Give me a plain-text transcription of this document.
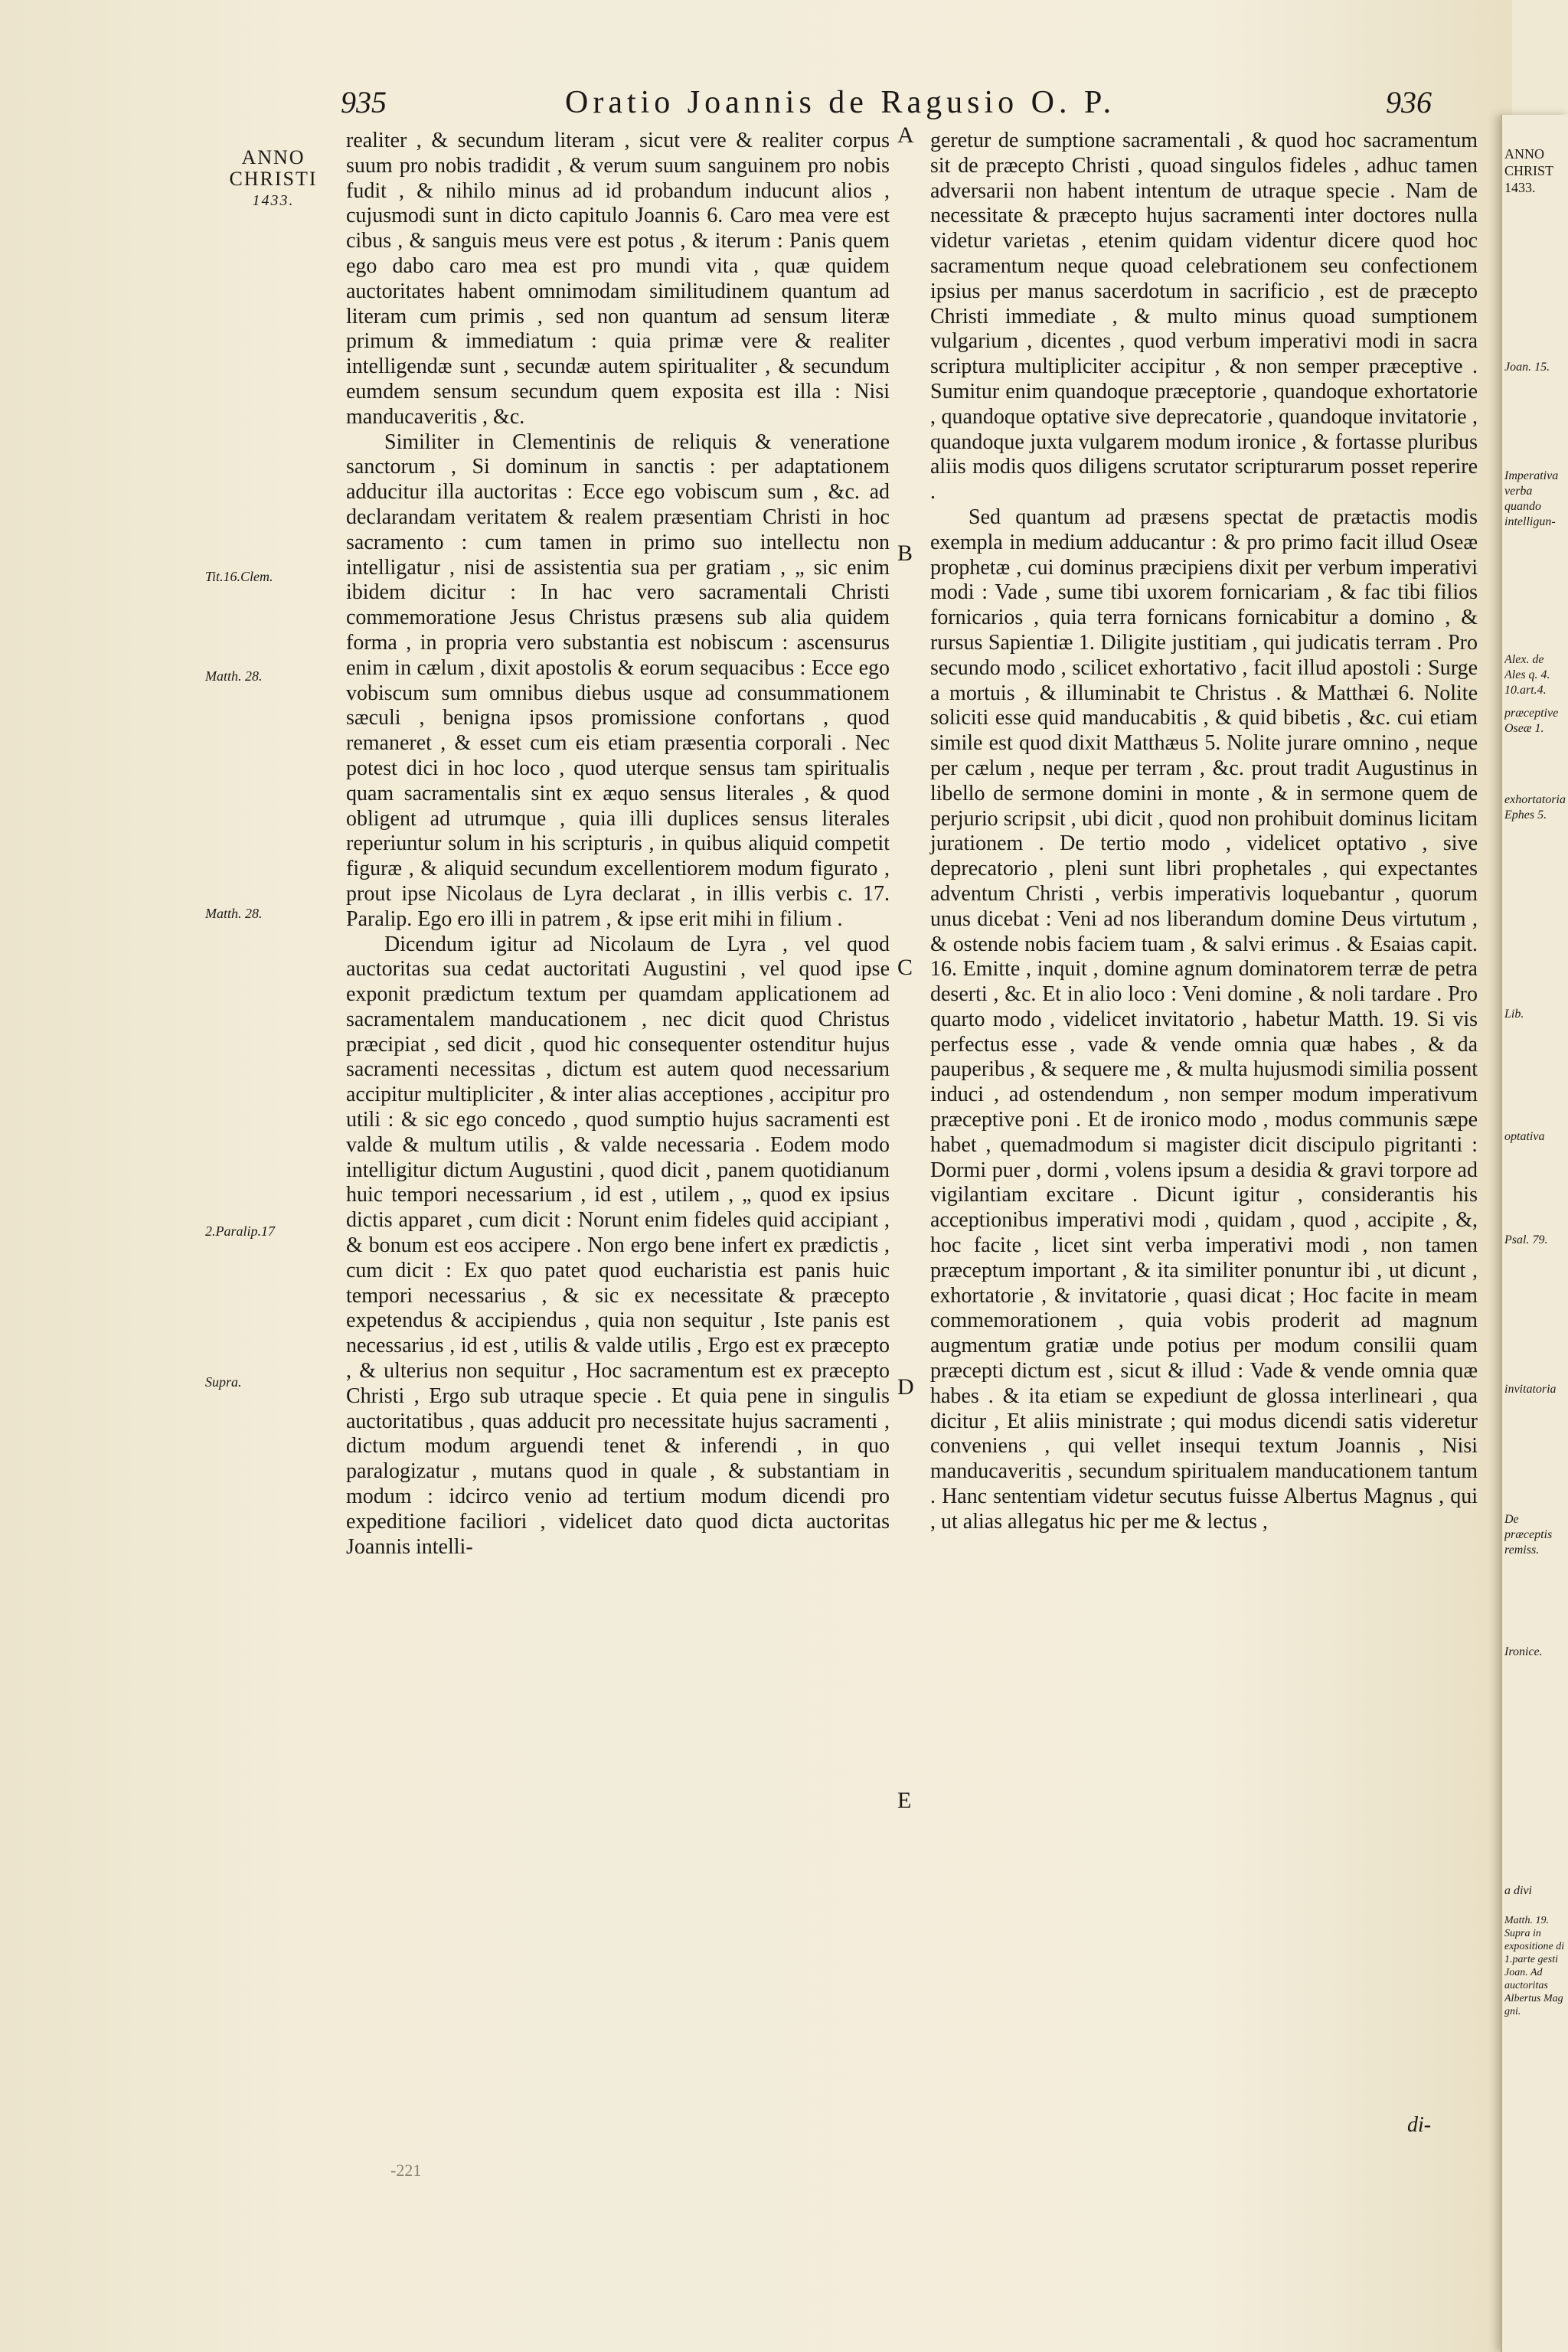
935	Oratio Joannis de Ragusio O. P.	936
ANNO
CHRISTI
1433.
Tit.16.Clem.
Matth. 28.
Matth. 28.
2.Paralip.17
Supra.

realiter , & secundum literam , sicut vere & realiter corpus suum pro nobis tradidit , & verum suum sanguinem pro nobis fudit , & nihilo minus ad id probandum inducunt alios , cujusmodi sunt in dicto capitulo Joannis 6. Caro mea vere est cibus , & sanguis meus vere est potus , & iterum : Panis quem ego dabo caro mea est pro mundi vita , quæ quidem auctoritates habent omnimodam similitudinem quantum ad literam cum primis , sed non quantum ad sensum literæ primum & immediatum : quia primæ vere & realiter intelligendæ sunt , secundæ autem spiritualiter , & secundum eumdem sensum secundum quem exposita est illa : Nisi manducaveritis , &c.

Similiter in Clementinis de reliquis & veneratione sanctorum , Si dominum in sanctis : per adaptationem adducitur illa auctoritas : Ecce ego vobiscum sum , &c. ad declarandam veritatem & realem præsentiam Christi in hoc sacramento : cum tamen in primo suo intellectu non intelligatur , nisi de assistentia sua per gratiam , „ sic enim ibidem dicitur : In hac vero sacramentali Christi commemoratione Jesus Christus præsens sub alia quidem forma , in propria vero substantia est nobiscum : ascensurus enim in cælum , dixit apostolis & eorum sequacibus : Ecce ego vobiscum sum omnibus diebus usque ad consummationem sæculi , benigna ipsos promissione confortans , quod remaneret , & esset cum eis etiam præsentia corporali . Nec potest dici in hoc loco , quod uterque sensus tam spiritualis quam sacramentalis sint ex æquo sensus literales , & quod obligent ad utrumque , quia illi duplices sensus literales reperiuntur solum in his scripturis , in quibus aliquid competit figuræ , & aliquid secundum excellentiorem modum figurato , prout ipse Nicolaus de Lyra declarat , in illis verbis c. 17. Paralip. Ego ero illi in patrem , & ipse erit mihi in filium .

Dicendum igitur ad Nicolaum de Lyra , vel quod auctoritas sua cedat auctoritati Augustini , vel quod ipse exponit prædictum textum per quamdam applicationem ad sacramentalem manducationem , nec dicit quod Christus præcipiat , sed dicit , quod hic consequenter ostenditur hujus sacramenti necessitas , dictum est autem quod necessarium accipitur multipliciter , & inter alias acceptiones , accipitur pro utili : & sic ego concedo , quod sumptio hujus sacramenti est valde & multum utilis , & valde necessaria . Eodem modo intelligitur dictum Augustini , quod dicit , panem quotidianum huic tempori necessarium , id est , utilem , „ quod ex ipsius dictis apparet , cum dicit : Norunt enim fideles quid accipiant , & bonum est eos accipere . Non ergo bene infert ex prædictis , cum dicit : Ex quo patet quod eucharistia est panis huic tempori necessarius , & sic ex necessitate & præcepto expetendus & accipiendus , quia non sequitur , Iste panis est necessarius , id est , utilis & valde utilis , Ergo est ex præcepto , & ulterius non sequitur , Hoc sacramentum est ex præcepto Christi , Ergo sub utraque specie . Et quia pene in singulis auctoritatibus , quas adducit pro necessitate hujus sacramenti , dictum modum arguendi tenet & inferendi , in quo paralogizatur , mutans quod in quale , & substantiam in modum : idcirco venio ad tertium modum dicendi pro expeditione faciliori , videlicet dato quod dicta auctoritas Joannis intelli-

A
B
C
D
E

geretur de sumptione sacramentali , & quod hoc sacramentum sit de præcepto Christi , quoad singulos fideles , adhuc tamen adversarii non habent intentum de utraque specie . Nam de necessitate & præcepto hujus sacramenti inter doctores nulla videtur varietas , etenim quidam videntur dicere quod hoc sacramentum neque quoad celebrationem seu confectionem ipsius per manus sacerdotum in sacrificio , est de præcepto Christi immediate , & multo minus quoad sumptionem vulgarium , dicentes , quod verbum imperativi modi in sacra scriptura multipliciter accipitur , & non semper præceptive . Sumitur enim quandoque præceptorie , quandoque exhortatorie , quandoque optative sive deprecatorie , quandoque invitatorie , quandoque juxta vulgarem modum ironice , & fortasse pluribus aliis modis quos diligens scrutator scripturarum posset reperire .

Sed quantum ad præsens spectat de prætactis modis exempla in medium adducantur : & pro primo facit illud Oseæ prophetæ , cui dominus præcipiens dixit per verbum imperativi modi : Vade , sume tibi uxorem fornicariam , & fac tibi filios fornicarios , quia terra fornicans fornicabitur a domino , & rursus Sapientiæ 1. Diligite justitiam , qui judicatis terram . Pro secundo modo , scilicet exhortativo , facit illud apostoli : Surge a mortuis , & illuminabit te Christus . & Matthæi 6. Nolite soliciti esse quid manducabitis , & quid bibetis , &c. cui etiam simile est quod dixit Matthæus 5. Nolite jurare omnino , neque per cælum , neque per terram , &c. prout tradit Augustinus in libello de sermone domini in monte , & in sermone quem de perjurio scripsit , ubi dicit , quod non prohibuit dominus licitam jurationem . De tertio modo , videlicet optativo , sive deprecatorio , pleni sunt libri prophetales , qui expectantes adventum Christi , verbis imperativis loquebantur , quorum unus dicebat : Veni ad nos liberandum domine Deus virtutum , & ostende nobis faciem tuam , & salvi erimus . & Esaias capit. 16. Emitte , inquit , domine agnum dominatorem terræ de petra deserti , &c. Et in alio loco : Veni domine , & noli tardare . Pro quarto modo , videlicet invitatorio , habetur Matth. 19. Si vis perfectus esse , vade & vende omnia quæ habes , & da pauperibus , & sequere me , & multa hujusmodi similia possent induci , ad ostendendum , non semper modum imperativum præceptive poni . Et de ironico modo , modus communis sæpe habet , quemadmodum si magister dicit discipulo pigritanti : Dormi puer , dormi , volens ipsum a desidia & gravi torpore ad vigilantiam excitare . Dicunt igitur , considerantis his acceptionibus imperativi modi , quidam , quod , accipite , &, hoc facite , licet sint verba imperativi modi , non tamen præceptum important , & ita similiter ponuntur ibi , ut dicunt , exhortatorie , & invitatorie , quasi dicat ; Hoc facite in meam commemorationem , quia vobis proderit ad magnum augmentum gratiæ unde potius per modum consilii quam præcepti dictum est , sicut & illud : Vade & vende omnia quæ habes . & ita etiam se expediunt de glossa interlineari , qua dicitur , Et aliis ministrate ; qui modus dicendi satis videretur conveniens , qui vellet insequi textum Joannis , Nisi manducaveritis , secundum spiritualem manducationem tantum . Hanc sententiam videtur secutus fuisse Albertus Magnus , qui , ut alias allegatus hic per me & lectus ,

di-
-221
ANNO CHRIST 1433.
Joan. 15.
Imperativa verba quando intelligun-
Alex. de Ales q. 4. 10.art.4.
præceptive Oseæ 1.
exhortatoria Ephes 5.
Lib.
optativa
Psal. 79.
invitatoria
De præceptis remiss.
Ironice.
a divi
Matth. 19. Supra in expositione di 1.parte gesti Joan. Ad auctoritas Albertus Mag gni.
